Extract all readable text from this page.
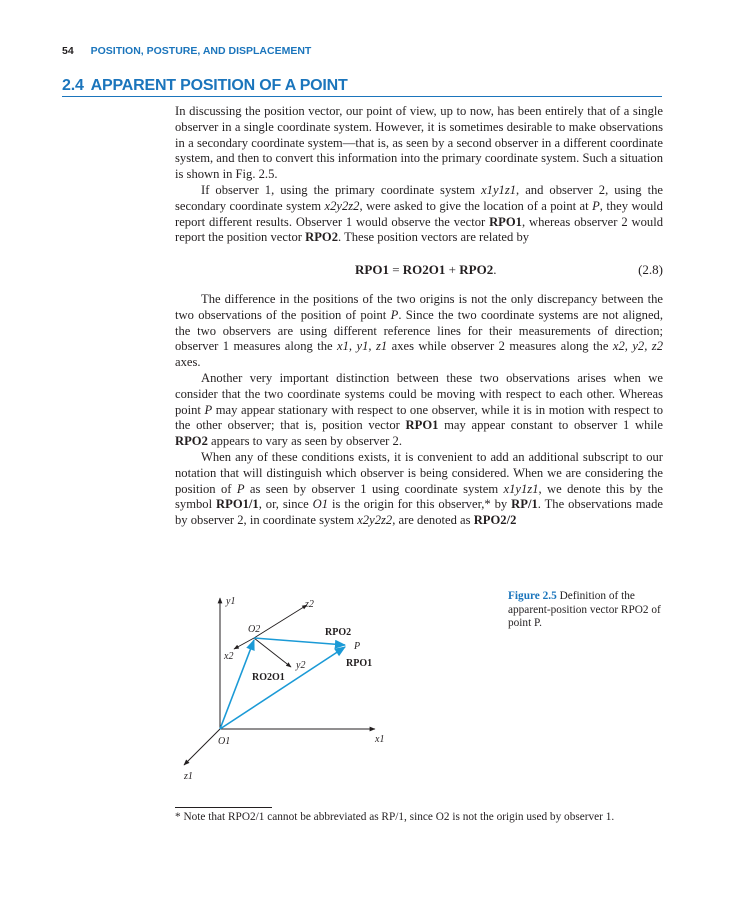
54 POSITION, POSTURE, AND DISPLACEMENT
2.4 APPARENT POSITION OF A POINT

In discussing the position vector, our point of view, up to now, has been entirely that of a single observer in a single coordinate system. However, it is sometimes desirable to make observations in a secondary coordinate system—that is, as seen by a second observer in a different coordinate system, and then to convert this information into the primary coordinate system. Such a situation is shown in Fig. 2.5.

If observer 1, using the primary coordinate system x1y1z1, and observer 2, using the secondary coordinate system x2y2z2, were asked to give the location of a point at P, they would report different results. Observer 1 would observe the vector RPO1, whereas observer 2 would report the position vector RPO2. These position vectors are related by

RPO1 = RO2O1 + RPO2.	(2.8)

The difference in the positions of the two origins is not the only discrepancy between the two observations of the position of point P. Since the two coordinate systems are not aligned, the two observers are using different reference lines for their measurements of direction; observer 1 measures along the x1, y1, z1 axes while observer 2 measures along the x2, y2, z2 axes.

Another very important distinction between these two observations arises when we consider that the two coordinate systems could be moving with respect to each other. Whereas point P may appear stationary with respect to one observer, while it is in motion with respect to the other observer; that is, position vector RPO1 may appear constant to observer 1 while RPO2 appears to vary as seen by observer 2.

When any of these conditions exists, it is convenient to add an additional subscript to our notation that will distinguish which observer is being considered. When we are considering the position of P as seen by observer 1 using coordinate system x1y1z1, we denote this by the symbol RPO1/1, or, since O1 is the origin for this observer,* by RP/1. The observations made by observer 2, in coordinate system x2y2z2, are denoted as RPO2/2

y1	z2
O2
x2
RPO2
P
RPO1
y2
RO2O1
O1	x1
z1
Figure 2.5 Definition of the apparent-position vector RPO2 of point P.
* Note that RPO2/1 cannot be abbreviated as RP/1, since O2 is not the origin used by observer 1.
